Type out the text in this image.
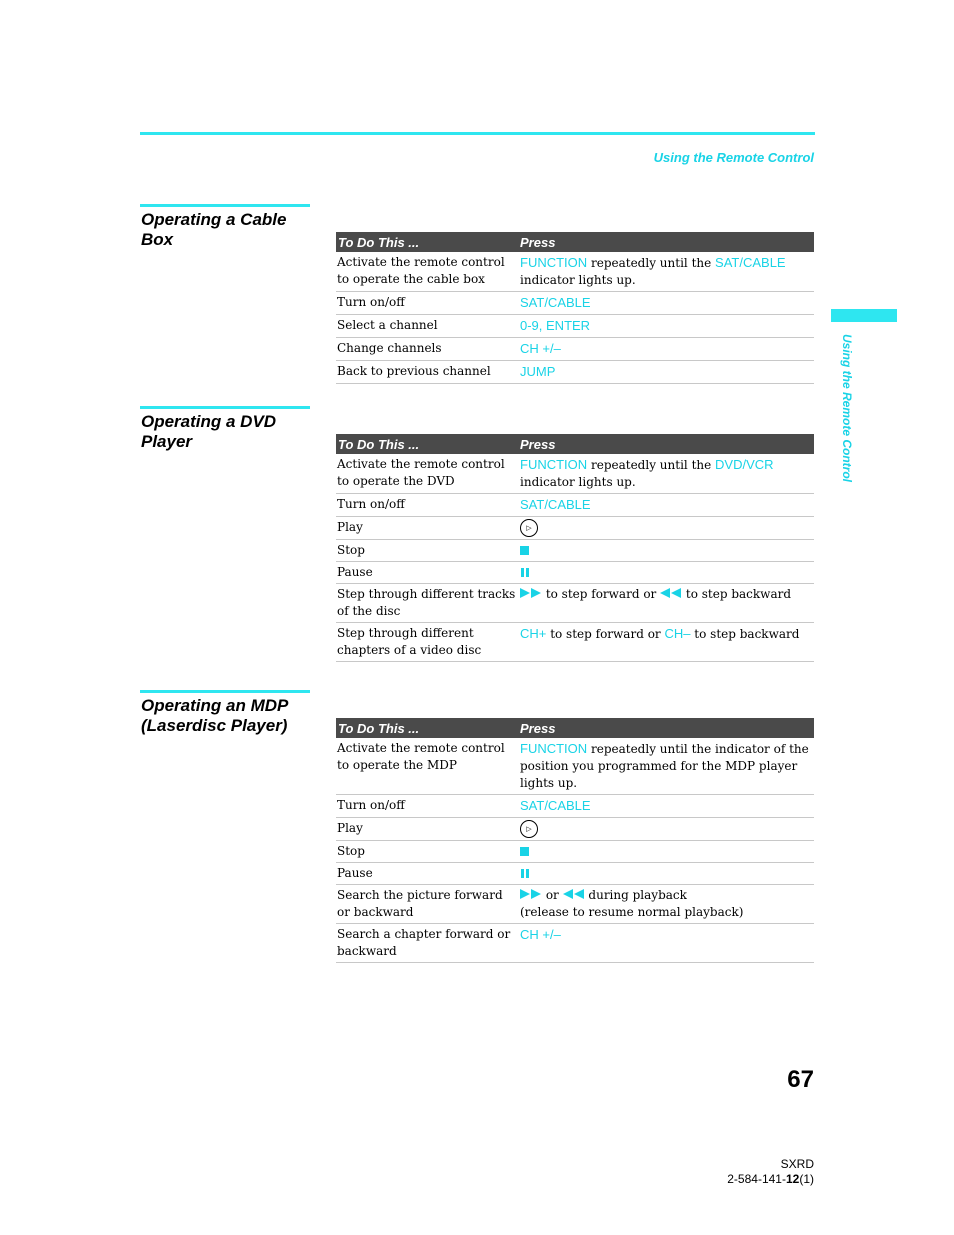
Using the Remote Control
Using the Remote Control
Operating a Cable Box	To Do This ...	Press
Activate the remote control to operate the cable box	FUNCTION repeatedly until the SAT/CABLE indicator lights up.
Turn on/off	SAT/CABLE
Select a channel	0-9, ENTER
Change channels	CH +/–
Back to previous channel	JUMP
Operating a DVD Player	To Do This ...	Press
Activate the remote control to operate the DVD	FUNCTION repeatedly until the DVD/VCR indicator lights up.
Turn on/off	SAT/CABLE
Play	▷
Stop	
Pause	
Step through different tracks of the disc	to step forward or  to step backward
Step through different chapters of a video disc	CH+ to step forward or CH– to step backward
Operating an MDP (Laserdisc Player)	To Do This ...	Press
Activate the remote control to operate the MDP	FUNCTION repeatedly until the indicator of the position you programmed for the MDP player lights up.
Turn on/off	SAT/CABLE
Play	▷
Stop	
Pause	
Search the picture forward or backward	or  during playback
(release to resume normal playback)
Search a chapter forward or backward	CH +/–
67
SXRD
2-584-141-12(1)
